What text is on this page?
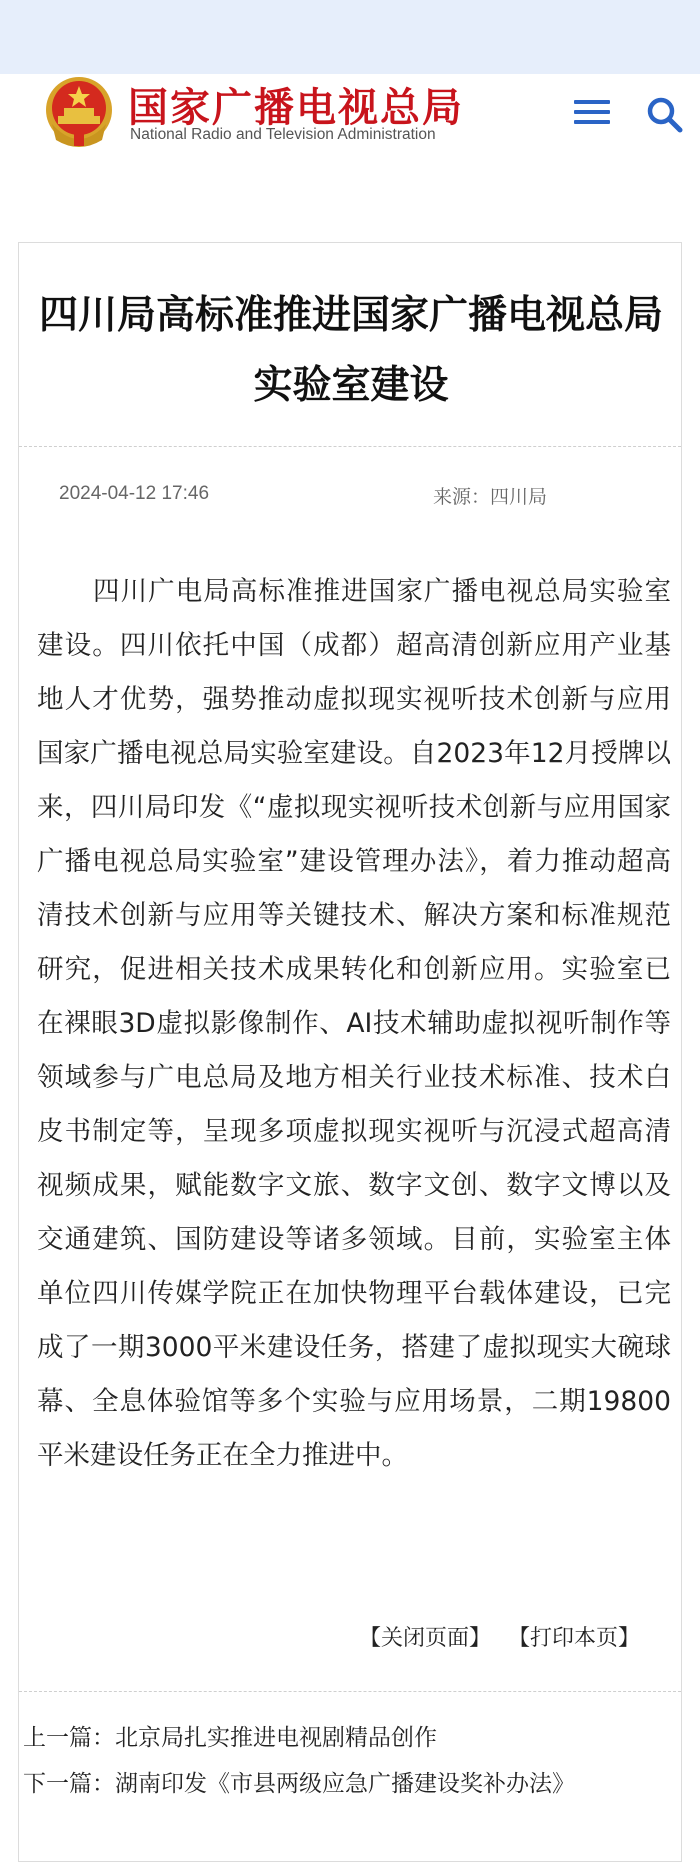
国家广播电视总局
National Radio and Television Administration
四川局高标准推进国家广播电视总局实验室建设
2024-04-12 17:46	来源：四川局

四川广电局高标准推进国家广播电视总局实验室建设。四川依托中国（成都）超高清创新应用产业基地人才优势，强势推动虚拟现实视听技术创新与应用国家广播电视总局实验室建设。自2023年12月授牌以来，四川局印发《“虚拟现实视听技术创新与应用国家广播电视总局实验室”建设管理办法》，着力推动超高清技术创新与应用等关键技术、解决方案和标准规范研究，促进相关技术成果转化和创新应用。实验室已在裸眼3D虚拟影像制作、AI技术辅助虚拟视听制作等领域参与广电总局及地方相关行业技术标准、技术白皮书制定等，呈现多项虚拟现实视听与沉浸式超高清视频成果，赋能数字文旅、数字文创、数字文博以及交通建筑、国防建设等诸多领域。目前，实验室主体单位四川传媒学院正在加快物理平台载体建设，已完成了一期3000平米建设任务，搭建了虚拟现实大碗球幕、全息体验馆等多个实验与应用场景，二期19800平米建设任务正在全力推进中。

【关闭页面】 【打印本页】
上一篇：北京局扎实推进电视剧精品创作
下一篇：湖南印发《市县两级应急广播建设奖补办法》
